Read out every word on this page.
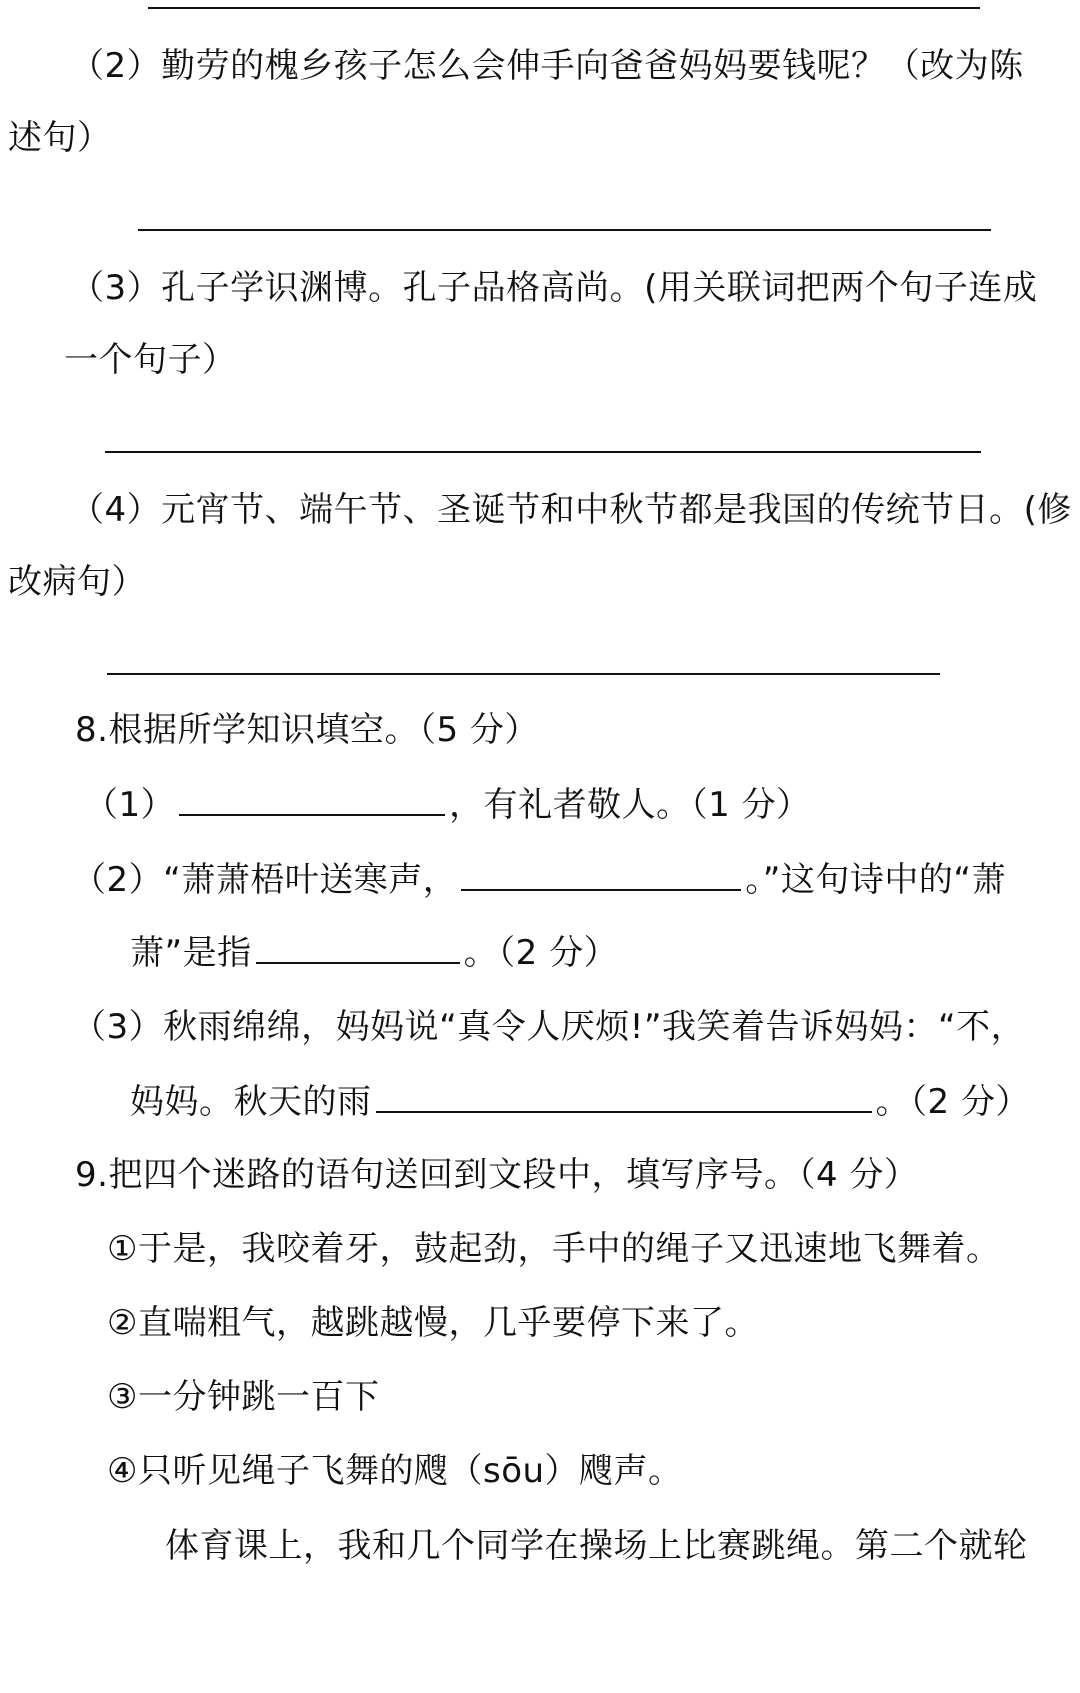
（2）勤劳的槐乡孩子怎么会伸手向爸爸妈妈要钱呢？（改为陈
述句）
（3）孔子学识渊博。孔子品格高尚。(用关联词把两个句子连成
一个句子）
（4）元宵节、端午节、圣诞节和中秋节都是我国的传统节日。(修
改病句）
8.根据所学知识填空。（5 分）
（1）	，有礼者敬人。（1 分）
（2）“萧萧梧叶送寒声，	。”这句诗中的“萧
萧”是指	。（2 分）
（3）秋雨绵绵，妈妈说“真令人厌烦!”我笑着告诉妈妈：“不，
妈妈。秋天的雨	。（2 分）
9.把四个迷路的语句送回到文段中，填写序号。（4 分）
①于是，我咬着牙，鼓起劲，手中的绳子又迅速地飞舞着。
②直喘粗气，越跳越慢，几乎要停下来了。
③一分钟跳一百下
④只听见绳子飞舞的飕（sōu）飕声。
体育课上，我和几个同学在操场上比赛跳绳。第二个就轮
